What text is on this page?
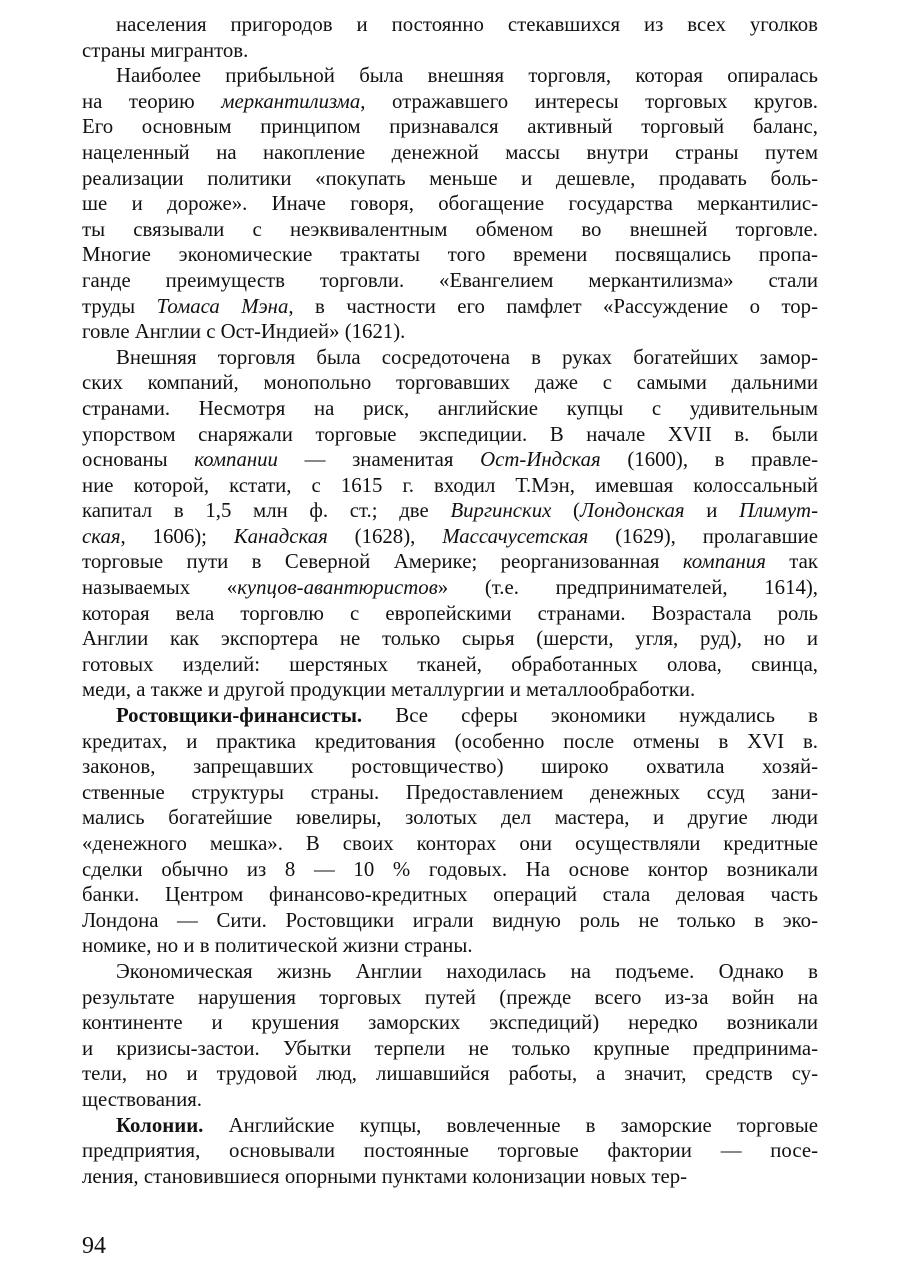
населения пригородов и постоянно стекавшихся из всех уголков
страны мигрантов.
Наиболее прибыльной была внешняя торговля, которая опиралась
на теорию меркантилизма, отражавшего интересы торговых кругов.
Его основным принципом признавался активный торговый баланс,
нацеленный на накопление денежной массы внутри страны путем
реализации политики «покупать меньше и дешевле, продавать боль-
ше и дороже». Иначе говоря, обогащение государства меркантилис-
ты связывали с неэквивалентным обменом во внешней торговле.
Многие экономические трактаты того времени посвящались пропа-
ганде преимуществ торговли. «Евангелием меркантилизма» стали
труды Томаса Мэна, в частности его памфлет «Рассуждение о тор-
говле Англии с Ост-Индией» (1621).
Внешняя торговля была сосредоточена в руках богатейших замор-
ских компаний, монопольно торговавших даже с самыми дальними
странами. Несмотря на риск, английские купцы с удивительным
упорством снаряжали торговые экспедиции. В начале XVII в. были
основаны компании — знаменитая Ост-Индская (1600), в правле-
ние которой, кстати, с 1615 г. входил Т.Мэн, имевшая колоссальный
капитал в 1,5 млн ф. ст.; две Виргинских (Лондонская и Плимут-
ская, 1606); Канадская (1628), Массачусетская (1629), пролагавшие
торговые пути в Северной Америке; реорганизованная компания так
называемых «купцов-авантюристов» (т.е. предпринимателей, 1614),
которая вела торговлю с европейскими странами. Возрастала роль
Англии как экспортера не только сырья (шерсти, угля, руд), но и
готовых изделий: шерстяных тканей, обработанных олова, свинца,
меди, а также и другой продукции металлургии и металлообработки.
Ростовщики-финансисты. Все сферы экономики нуждались в
кредитах, и практика кредитования (особенно после отмены в XVI в.
законов, запрещавших ростовщичество) широко охватила хозяй-
ственные структуры страны. Предоставлением денежных ссуд зани-
мались богатейшие ювелиры, золотых дел мастера, и другие люди
«денежного мешка». В своих конторах они осуществляли кредитные
сделки обычно из 8 — 10 % годовых. На основе контор возникали
банки. Центром финансово-кредитных операций стала деловая часть
Лондона — Сити. Ростовщики играли видную роль не только в эко-
номике, но и в политической жизни страны.
Экономическая жизнь Англии находилась на подъеме. Однако в
результате нарушения торговых путей (прежде всего из-за войн на
континенте и крушения заморских экспедиций) нередко возникали
и кризисы-застои. Убытки терпели не только крупные предпринима-
тели, но и трудовой люд, лишавшийся работы, а значит, средств су-
ществования.
Колонии. Английские купцы, вовлеченные в заморские торговые
предприятия, основывали постоянные торговые фактории — посе-
ления, становившиеся опорными пунктами колонизации новых тер-
94
